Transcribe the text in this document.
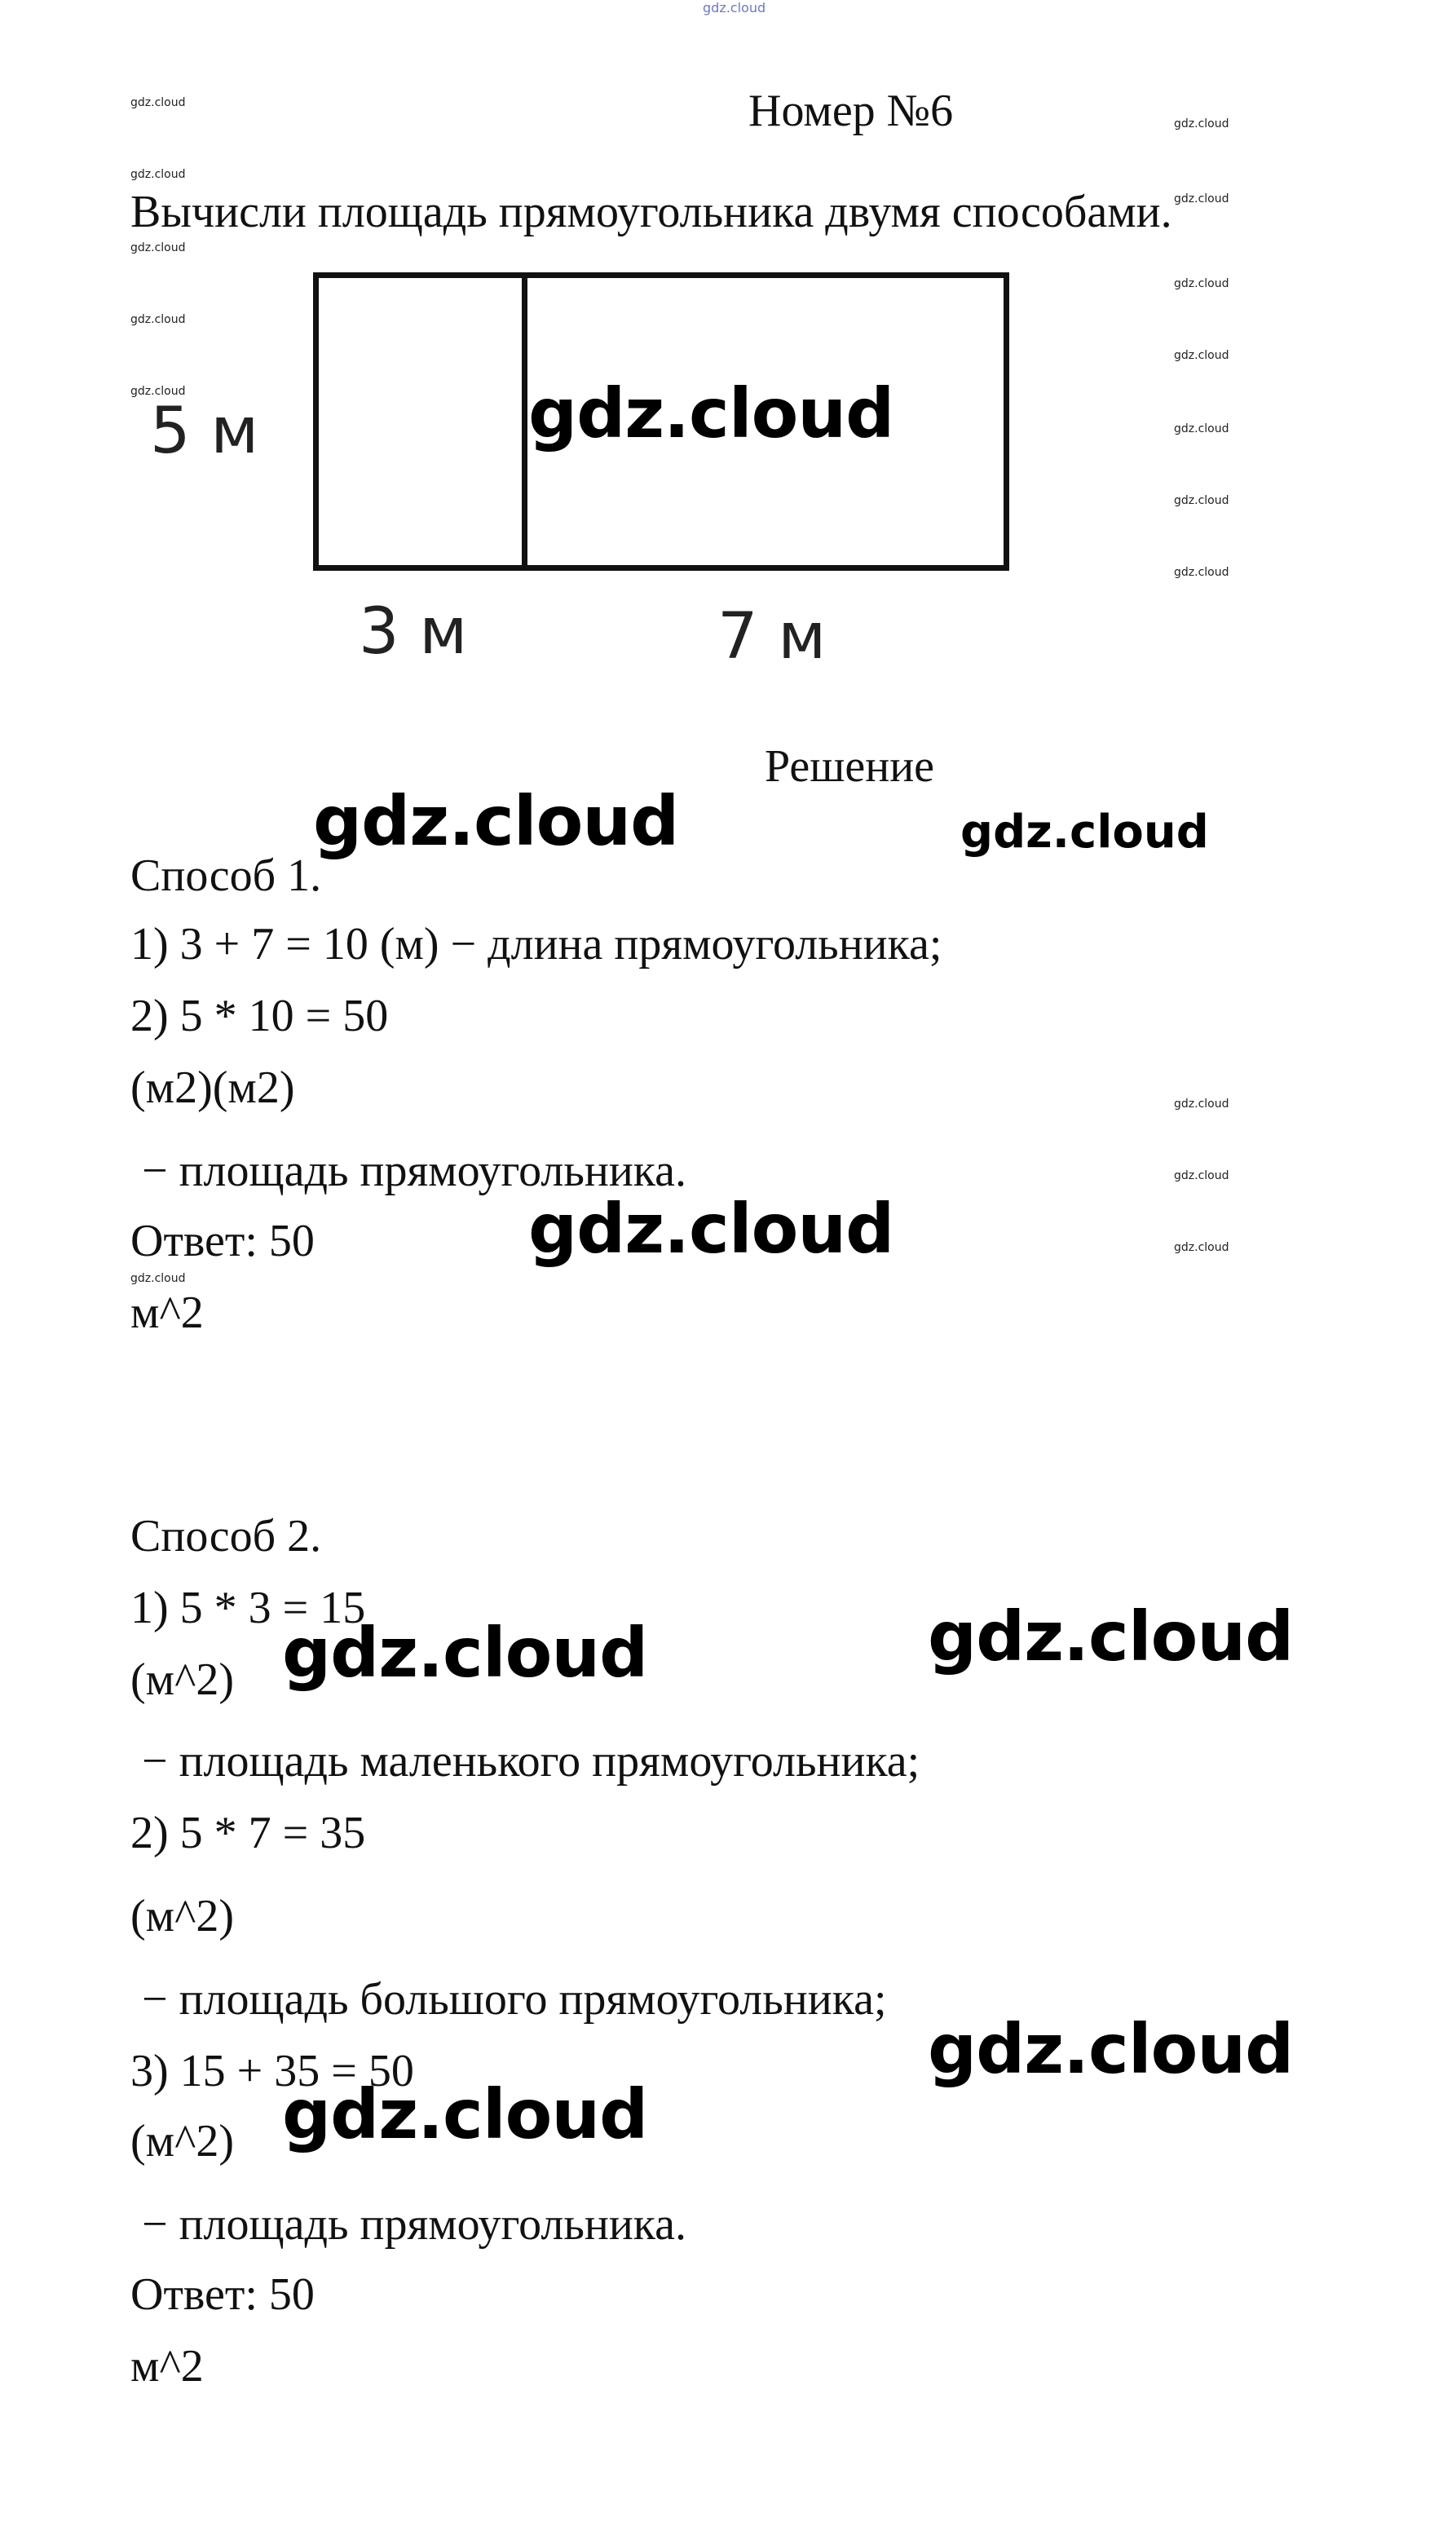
gdz.cloud
gdz.cloud
gdz.cloud
gdz.cloud
gdz.cloud
gdz.cloud
gdz.cloud
gdz.cloud
gdz.cloud
gdz.cloud
gdz.cloud
gdz.cloud
gdz.cloud
gdz.cloud
gdz.cloud
gdz.cloud
gdz.cloud
Номер №6
Вычисли площадь прямоугольника двумя способами.
5 м
3 м	7 м
gdz.cloud
gdz.cloud	gdz.cloud
gdz.cloud
gdz.cloud	gdz.cloud
gdz.cloud
gdz.cloud
Решение
Способ 1.
1) 3 + 7 = 10 (м) − длина прямоугольника;
2) 5 * 10 = 50
(м2)(м2)
− площадь прямоугольника.
Ответ: 50
м^2
Способ 2.
1) 5 * 3 = 15
(м^2)
− площадь маленького прямоугольника;
2) 5 * 7 = 35
(м^2)
− площадь большого прямоугольника;
3) 15 + 35 = 50
(м^2)
− площадь прямоугольника.
Ответ: 50
м^2
